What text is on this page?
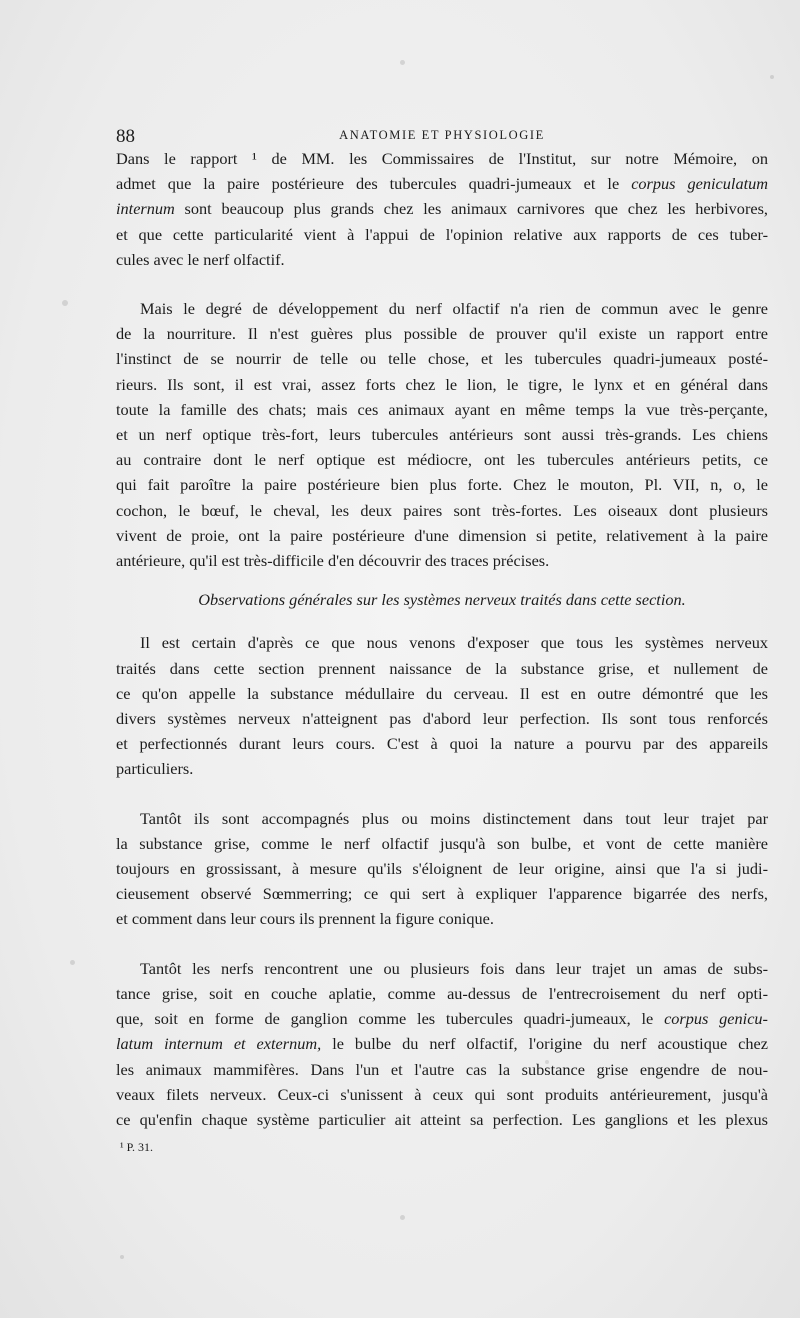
88	ANATOMIE ET PHYSIOLOGIE
Dans le rapport ¹ de MM. les Commissaires de l'Institut, sur notre Mémoire, on
admet que la paire postérieure des tubercules quadri-jumeaux et le corpus geniculatum
internum sont beaucoup plus grands chez les animaux carnivores que chez les herbivores,
et que cette particularité vient à l'appui de l'opinion relative aux rapports de ces tuber-
cules avec le nerf olfactif.
Mais le degré de développement du nerf olfactif n'a rien de commun avec le genre
de la nourriture. Il n'est guères plus possible de prouver qu'il existe un rapport entre
l'instinct de se nourrir de telle ou telle chose, et les tubercules quadri-jumeaux posté-
rieurs. Ils sont, il est vrai, assez forts chez le lion, le tigre, le lynx et en général dans
toute la famille des chats; mais ces animaux ayant en même temps la vue très-perçante,
et un nerf optique très-fort, leurs tubercules antérieurs sont aussi très-grands. Les chiens
au contraire dont le nerf optique est médiocre, ont les tubercules antérieurs petits, ce
qui fait paroître la paire postérieure bien plus forte. Chez le mouton, Pl. VII, n, o, le
cochon, le bœuf, le cheval, les deux paires sont très-fortes. Les oiseaux dont plusieurs
vivent de proie, ont la paire postérieure d'une dimension si petite, relativement à la paire
antérieure, qu'il est très-difficile d'en découvrir des traces précises.
Observations générales sur les systèmes nerveux traités dans cette section.
Il est certain d'après ce que nous venons d'exposer que tous les systèmes nerveux
traités dans cette section prennent naissance de la substance grise, et nullement de
ce qu'on appelle la substance médullaire du cerveau. Il est en outre démontré que les
divers systèmes nerveux n'atteignent pas d'abord leur perfection. Ils sont tous renforcés
et perfectionnés durant leurs cours. C'est à quoi la nature a pourvu par des appareils
particuliers.
Tantôt ils sont accompagnés plus ou moins distinctement dans tout leur trajet par
la substance grise, comme le nerf olfactif jusqu'à son bulbe, et vont de cette manière
toujours en grossissant, à mesure qu'ils s'éloignent de leur origine, ainsi que l'a si judi-
cieusement observé Sœmmerring; ce qui sert à expliquer l'apparence bigarrée des nerfs,
et comment dans leur cours ils prennent la figure conique.
Tantôt les nerfs rencontrent une ou plusieurs fois dans leur trajet un amas de subs-
tance grise, soit en couche aplatie, comme au-dessus de l'entrecroisement du nerf opti-
que, soit en forme de ganglion comme les tubercules quadri-jumeaux, le corpus genicu-
latum internum et externum, le bulbe du nerf olfactif, l'origine du nerf acoustique chez
les animaux mammifères. Dans l'un et l'autre cas la substance grise engendre de nou-
veaux filets nerveux. Ceux-ci s'unissent à ceux qui sont produits antérieurement, jusqu'à
ce qu'enfin chaque système particulier ait atteint sa perfection. Les ganglions et les plexus
¹ P. 31.
